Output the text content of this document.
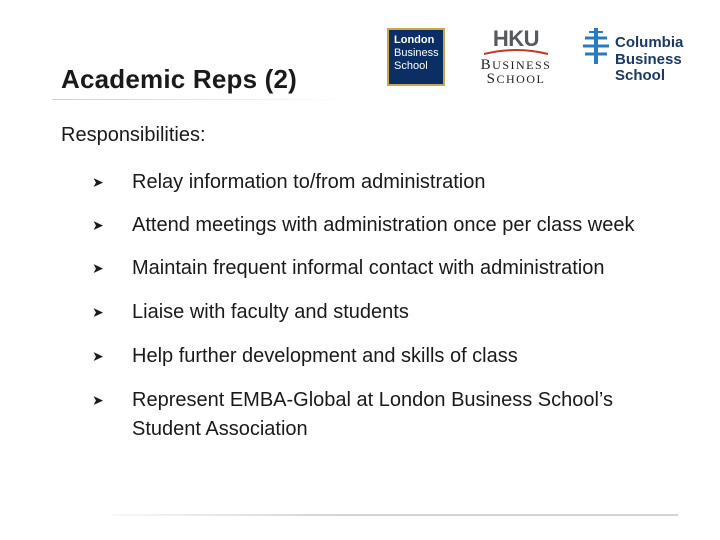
London
Business
School
HKU
BUSINESS
SCHOOL
Columbia
Business
School
Academic Reps (2)
Responsibilities:
➤ Relay information to/from administration
➤ Attend meetings with administration once per class week
➤ Maintain frequent informal contact with administration
➤ Liaise with faculty and students
➤ Help further development and skills of class
➤ Represent EMBA-Global at London Business School’s Student Association
